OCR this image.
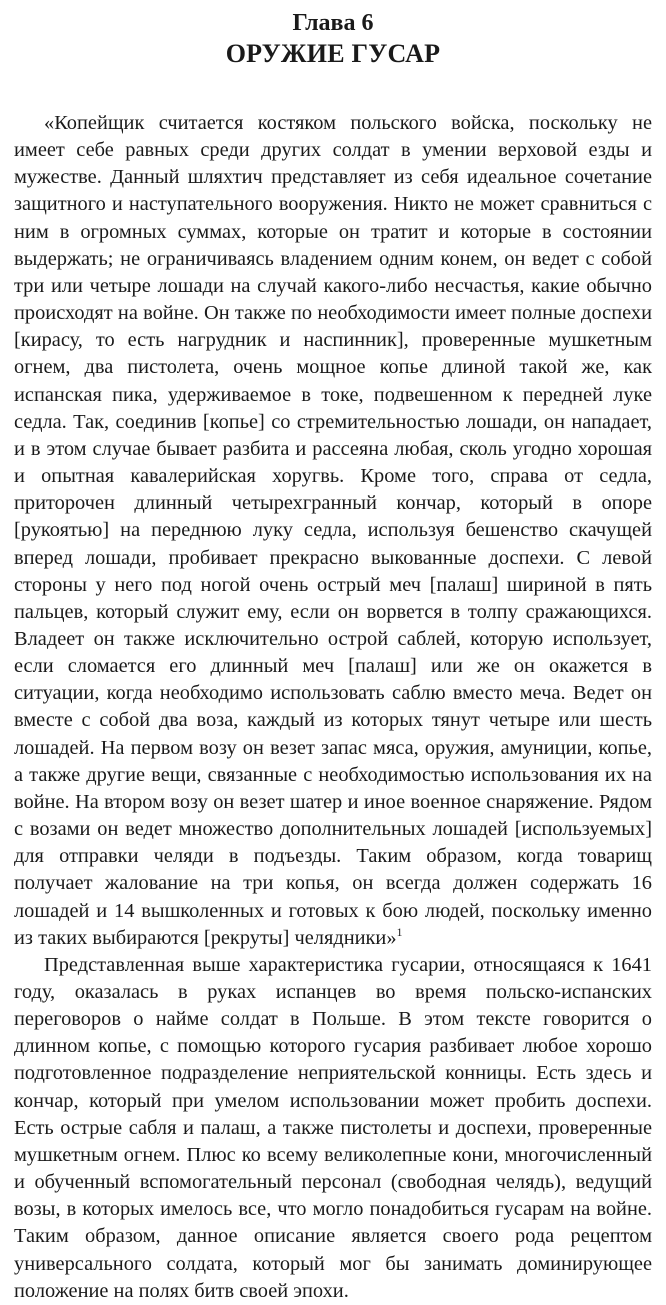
Глава 6
ОРУЖИЕ ГУСАР

«Копейщик считается костяком польского войска, поскольку не имеет себе равных среди других солдат в умении верховой езды и мужестве. Данный шляхтич представляет из себя идеальное сочетание защитного и наступательного вооружения. Никто не может сравниться с ним в огромных суммах, которые он тратит и которые в состоянии выдержать; не ограничиваясь владением одним конем, он ведет с собой три или четыре лошади на случай какого-либо несчастья, какие обычно происходят на войне. Он также по необходимости имеет полные доспехи [кирасу, то есть нагрудник и наспинник], проверенные мушкетным огнем, два пистолета, очень мощное копье длиной такой же, как испанская пика, удерживаемое в токе, подвешенном к передней луке седла. Так, соединив [копье] со стремительностью лошади, он нападает, и в этом случае бывает разбита и рассеяна любая, сколь угодно хорошая и опытная кавалерийская хоругвь. Кроме того, справа от седла, приторочен длинный четырехгранный кончар, который в опоре [рукоятью] на переднюю луку седла, используя бешенство скачущей вперед лошади, пробивает прекрасно выкованные доспехи. С левой стороны у него под ногой очень острый меч [палаш] шириной в пять пальцев, который служит ему, если он ворвется в толпу сражающихся. Владеет он также исключительно острой саблей, которую использует, если сломается его длинный меч [палаш] или же он окажется в ситуации, когда необходимо использовать саблю вместо меча. Ведет он вместе с собой два воза, каждый из которых тянут четыре или шесть лошадей. На первом возу он везет запас мяса, оружия, амуниции, копье, а также другие вещи, связанные с необходимостью использования их на войне. На втором возу он везет шатер и иное военное снаряжение. Рядом с возами он ведет множество дополнительных лошадей [используемых] для отправки челяди в подъезды. Таким образом, когда товарищ получает жалование на три копья, он всегда должен содержать 16 лошадей и 14 вышколенных и готовых к бою людей, поскольку именно из таких выбираются [рекруты] челядники»$^1$

Представленная выше характеристика гусарии, относящаяся к 1641 году, оказалась в руках испанцев во время польско-испанских переговоров о найме солдат в Польше. В этом тексте говорится о длинном копье, с помощью которого гусария разбивает любое хорошо подготовленное подразделение неприятельской конницы. Есть здесь и кончар, который при умелом использовании может пробить доспехи. Есть острые сабля и палаш, а также пистолеты и доспехи, проверенные мушкетным огнем. Плюс ко всему великолепные кони, многочисленный и обученный вспомогательный персонал (свободная челядь), ведущий возы, в которых имелось все, что могло понадобиться гусарам на войне. Таким образом, данное описание является своего рода рецептом универсального солдата, который мог бы занимать доминирующее положение на полях битв своей эпохи.
